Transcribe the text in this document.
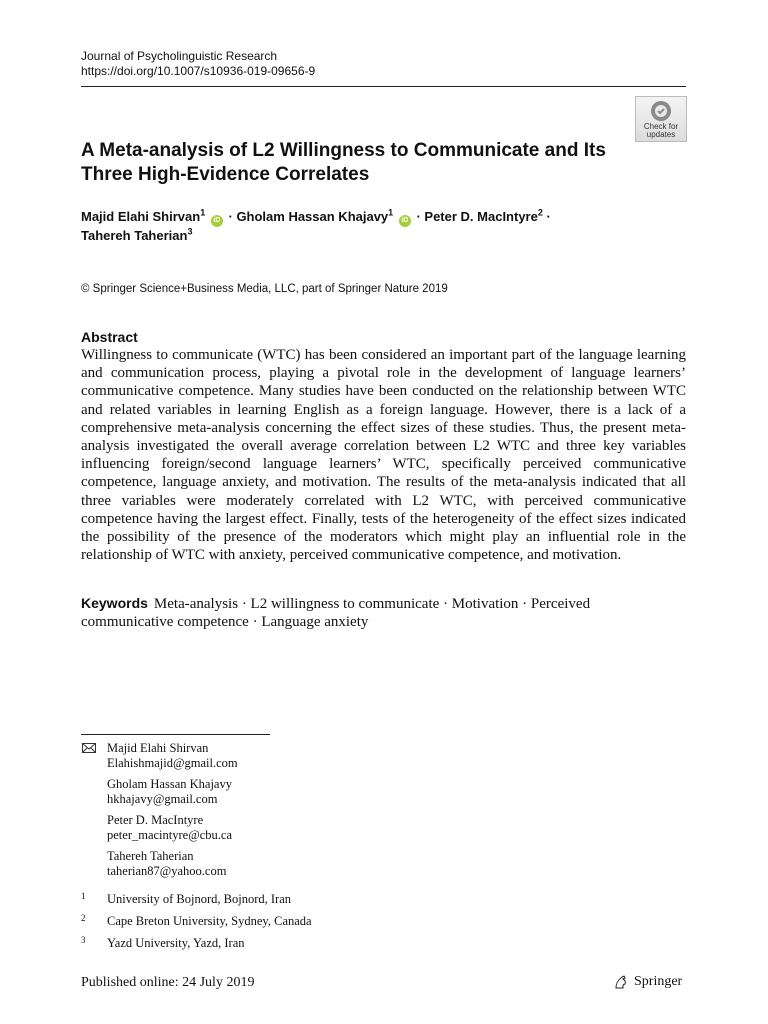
Journal of Psycholinguistic Research
https://doi.org/10.1007/s10936-019-09656-9
Check for
updates
A Meta-analysis of L2 Willingness to Communicate and Its
Three High-Evidence Correlates
Majid Elahi Shirvan$^1$ iD · Gholam Hassan Khajavy$^1$ iD · Peter D. MacIntyre$^2$ ·
Tahereh Taherian$^3$
© Springer Science+Business Media, LLC, part of Springer Nature 2019
Abstract

Willingness to communicate (WTC) has been considered an important part of the language learning and communication process, playing a pivotal role in the development of language learners’ communicative competence. Many studies have been conducted on the relationship between WTC and related variables in learning English as a foreign language. However, there is a lack of a comprehensive meta-analysis concerning the effect sizes of these studies. Thus, the present meta-analysis investigated the overall average correlation between L2 WTC and three key variables influencing foreign/second language learners’ WTC, specifically perceived communicative competence, language anxiety, and motivation. The results of the meta-analysis indicated that all three variables were moderately correlated with L2 WTC, with perceived communicative competence having the largest effect. Finally, tests of the heterogeneity of the effect sizes indicated the possibility of the presence of the moderators which might play an influential role in the relationship of WTC with anxiety, perceived communicative competence, and motivation.

Keywords Meta-analysis · L2 willingness to communicate · Motivation · Perceived communicative competence · Language anxiety
Majid Elahi Shirvan
Elahishmajid@gmail.com
Gholam Hassan Khajavy
hkhajavy@gmail.com
Peter D. MacIntyre
peter_macintyre@cbu.ca
Tahereh Taherian
taherian87@yahoo.com
1 University of Bojnord, Bojnord, Iran
2 Cape Breton University, Sydney, Canada
3 Yazd University, Yazd, Iran
Published online: 24 July 2019	Springer
